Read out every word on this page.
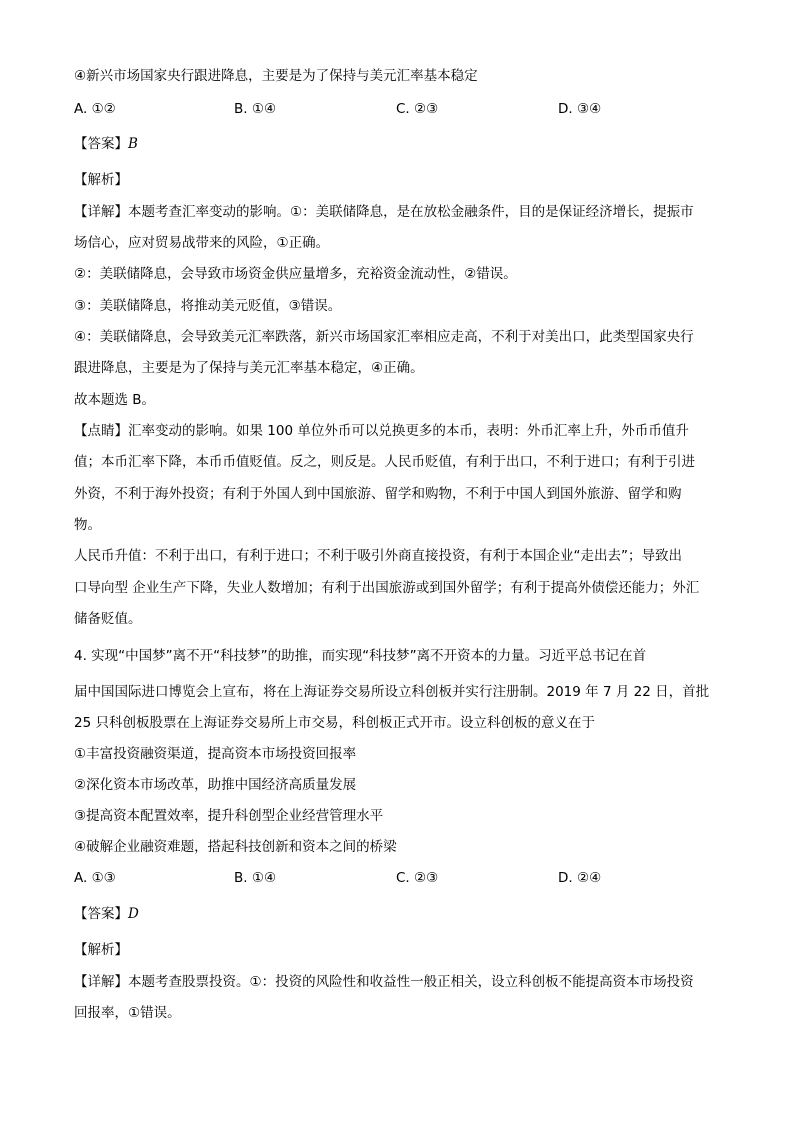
④新兴市场国家央行跟进降息，主要是为了保持与美元汇率基本稳定
A. ①②	B. ①④	C. ②③	D. ③④
【答案】B
【解析】
【详解】本题考查汇率变动的影响。①：美联储降息，是在放松金融条件，目的是保证经济增长，提振市
场信心，应对贸易战带来的风险，①正确。
②：美联储降息，会导致市场资金供应量增多，充裕资金流动性，②错误。
③：美联储降息，将推动美元贬值，③错误。
④：美联储降息，会导致美元汇率跌落，新兴市场国家汇率相应走高，不利于对美出口，此类型国家央行
跟进降息，主要是为了保持与美元汇率基本稳定，④正确。
故本题选 B。
【点睛】汇率变动的影响。如果 100 单位外币可以兑换更多的本币，表明：外币汇率上升，外币币值升
值；本币汇率下降，本币币值贬值。反之，则反是。人民币贬值，有利于出口，不利于进口；有利于引进
外资，不利于海外投资；有利于外国人到中国旅游、留学和购物，不利于中国人到国外旅游、留学和购
物。
人民币升值：不利于出口，有利于进口；不利于吸引外商直接投资，有利于本国企业“走出去”；导致出
口导向型 企业生产下降，失业人数增加；有利于出国旅游或到国外留学；有利于提高外债偿还能力；外汇
储备贬值。
4. 实现“中国梦”离不开“科技梦”的助推，而实现“科技梦”离不开资本的力量。习近平总书记在首
届中国国际进口博览会上宣布，将在上海证券交易所设立科创板并实行注册制。2019 年 7 月 22 日，首批
25 只科创板股票在上海证券交易所上市交易，科创板正式开市。设立科创板的意义在于
①丰富投资融资渠道，提高资本市场投资回报率
②深化资本市场改革，助推中国经济高质量发展
③提高资本配置效率，提升科创型企业经营管理水平
④破解企业融资难题，搭起科技创新和资本之间的桥梁
A. ①③	B. ①④	C. ②③	D. ②④
【答案】D
【解析】
【详解】本题考查股票投资。①：投资的风险性和收益性一般正相关，设立科创板不能提高资本市场投资
回报率，①错误。
